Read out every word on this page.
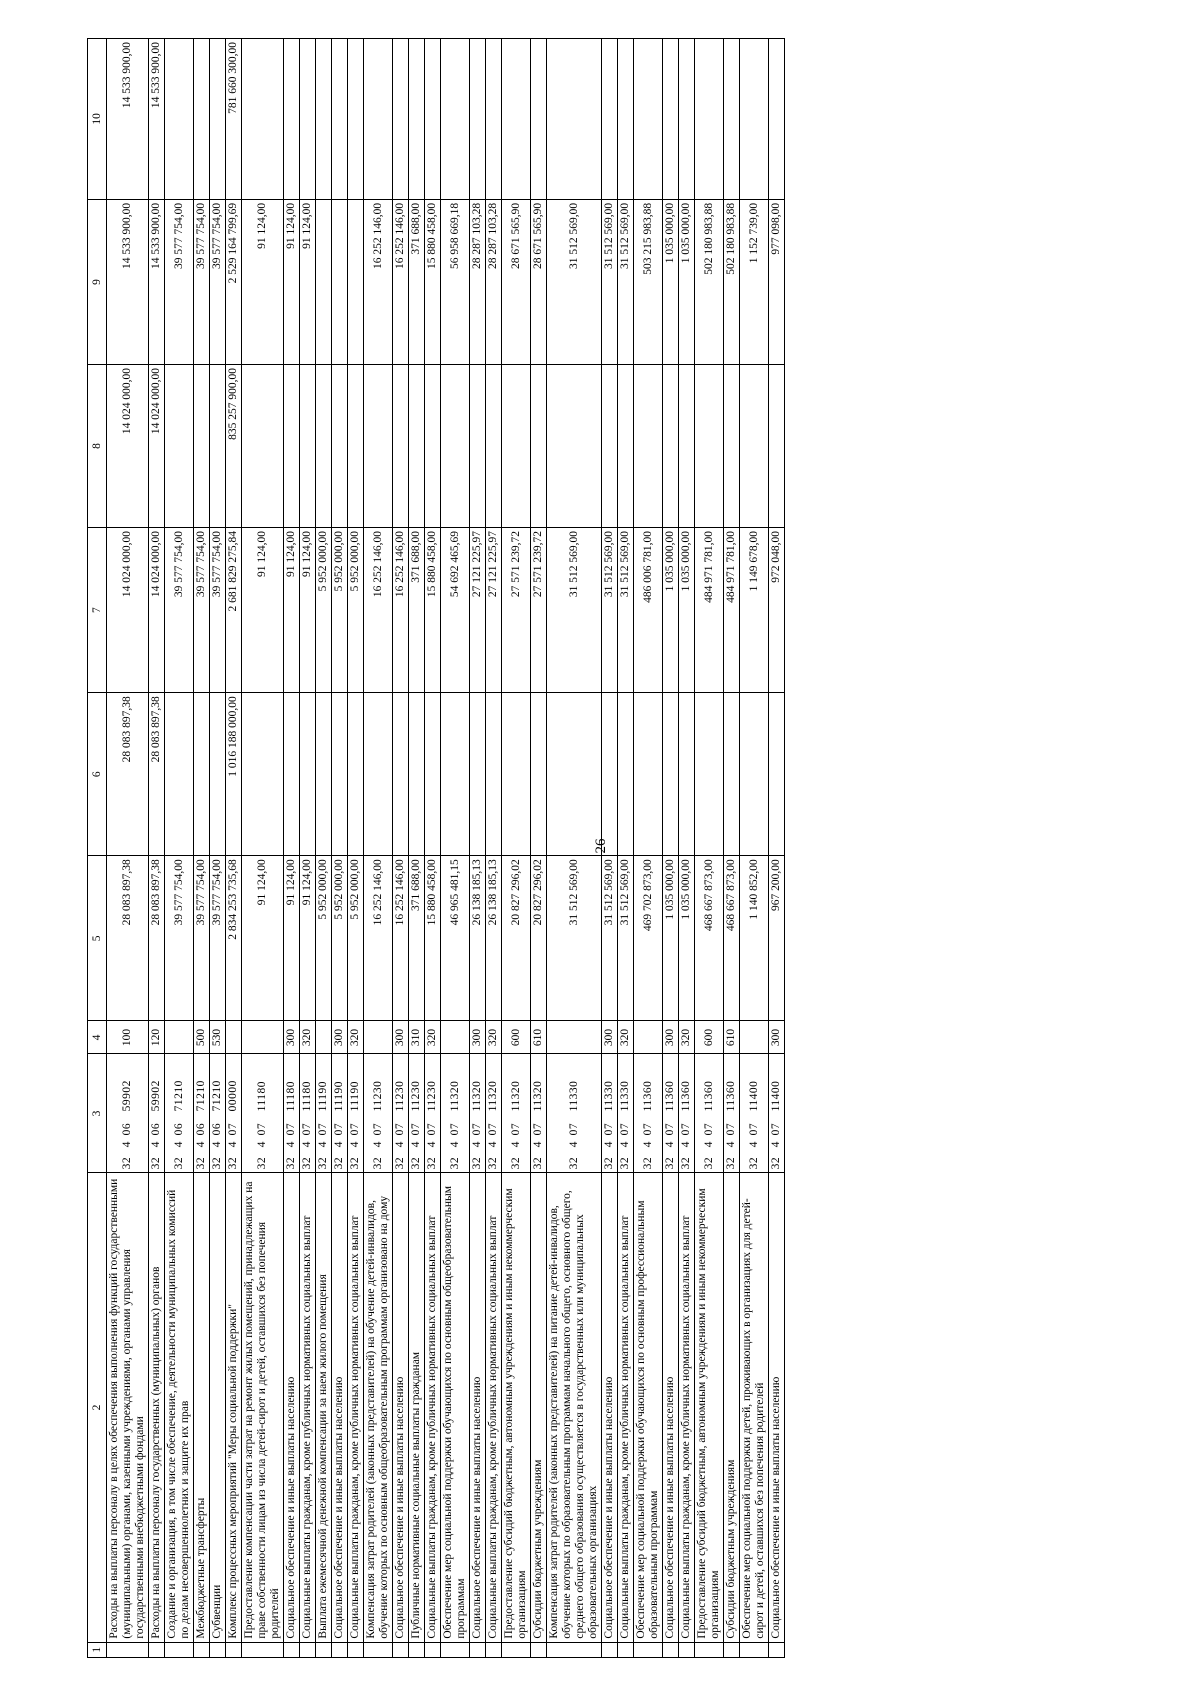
26
1	2	3	4	5	6	7	8	9	10
	Расходы на выплаты персоналу в целях обеспечения выполнения функций государственными (муниципальными) органами, казенными учреждениями, органами управления государственными внебюджетными фондами	3240659902	100	28 083 897,38	28 083 897,38	14 024 000,00	14 024 000,00	14 533 900,00	14 533 900,00
	Расходы на выплаты персоналу государственных (муниципальных) органов	3240659902	120	28 083 897,38	28 083 897,38	14 024 000,00	14 024 000,00	14 533 900,00	14 533 900,00
	Создание и организация, в том числе обеспечение, деятельности муниципальных комиссий по делам несовершеннолетних и защите их прав	3240671210		39 577 754,00		39 577 754,00		39 577 754,00	
	Межбюджетные трансферты	3240671210	500	39 577 754,00		39 577 754,00		39 577 754,00	
	Субвенции	3240671210	530	39 577 754,00		39 577 754,00		39 577 754,00	
	Комплекс процессных мероприятий "Меры социальной поддержки"	3240700000		2 834 253 735,68	1 016 188 000,00	2 681 829 275,84	835 257 900,00	2 529 164 799,69	781 660 300,00
	Предоставление компенсации части затрат на ремонт жилых помещений, принадлежащих на праве собственности лицам из числа детей-сирот и детей, оставшихся без попечения родителей	3240711180		91 124,00		91 124,00		91 124,00	
	Социальное обеспечение и иные выплаты населению	3240711180	300	91 124,00		91 124,00		91 124,00	
	Социальные выплаты гражданам, кроме публичных нормативных социальных выплат	3240711180	320	91 124,00		91 124,00		91 124,00	
	Выплата ежемесячной денежной компенсации за наем жилого помещения	3240711190		5 952 000,00		5 952 000,00			
	Социальное обеспечение и иные выплаты населению	3240711190	300	5 952 000,00		5 952 000,00			
	Социальные выплаты гражданам, кроме публичных нормативных социальных выплат	3240711190	320	5 952 000,00		5 952 000,00			
	Компенсация затрат родителей (законных представителей) на обучение детей-инвалидов, обучение которых по основным общеобразовательным программам организовано на дому	3240711230		16 252 146,00		16 252 146,00		16 252 146,00	
	Социальное обеспечение и иные выплаты населению	3240711230	300	16 252 146,00		16 252 146,00		16 252 146,00	
	Публичные нормативные социальные выплаты гражданам	3240711230	310	371 688,00		371 688,00		371 688,00	
	Социальные выплаты гражданам, кроме публичных нормативных социальных выплат	3240711230	320	15 880 458,00		15 880 458,00		15 880 458,00	
	Обеспечение мер социальной поддержки обучающихся по основным общеобразовательным программам	3240711320		46 965 481,15		54 692 465,69		56 958 669,18	
	Социальное обеспечение и иные выплаты населению	3240711320	300	26 138 185,13		27 121 225,97		28 287 103,28	
	Социальные выплаты гражданам, кроме публичных нормативных социальных выплат	3240711320	320	26 138 185,13		27 121 225,97		28 287 103,28	
	Предоставление субсидий бюджетным, автономным учреждениям и иным некоммерческим организациям	3240711320	600	20 827 296,02		27 571 239,72		28 671 565,90	
	Субсидии бюджетным учреждениям	3240711320	610	20 827 296,02		27 571 239,72		28 671 565,90	
	Компенсация затрат родителей (законных представителей) на питание детей-инвалидов, обучение которых по образовательным программам начального общего, основного общего, среднего общего образования осуществляется в государственных или муниципальных образовательных организациях	3240711330		31 512 569,00		31 512 569,00		31 512 569,00	
	Социальное обеспечение и иные выплаты населению	3240711330	300	31 512 569,00		31 512 569,00		31 512 569,00	
	Социальные выплаты гражданам, кроме публичных нормативных социальных выплат	3240711330	320	31 512 569,00		31 512 569,00		31 512 569,00	
	Обеспечение мер социальной поддержки обучающихся по основным профессиональным образовательным программам	3240711360		469 702 873,00		486 006 781,00		503 215 983,88	
	Социальное обеспечение и иные выплаты населению	3240711360	300	1 035 000,00		1 035 000,00		1 035 000,00	
	Социальные выплаты гражданам, кроме публичных нормативных социальных выплат	3240711360	320	1 035 000,00		1 035 000,00		1 035 000,00	
	Предоставление субсидий бюджетным, автономным учреждениям и иным некоммерческим организациям	3240711360	600	468 667 873,00		484 971 781,00		502 180 983,88	
	Субсидии бюджетным учреждениям	3240711360	610	468 667 873,00		484 971 781,00		502 180 983,88	
	Обеспечение мер социальной поддержки детей, проживающих в организациях для детей-сирот и детей, оставшихся без попечения родителей	3240711400		1 140 852,00		1 149 678,00		1 152 739,00	
	Социальное обеспечение и иные выплаты населению	3240711400	300	967 200,00		972 048,00		977 098,00	
